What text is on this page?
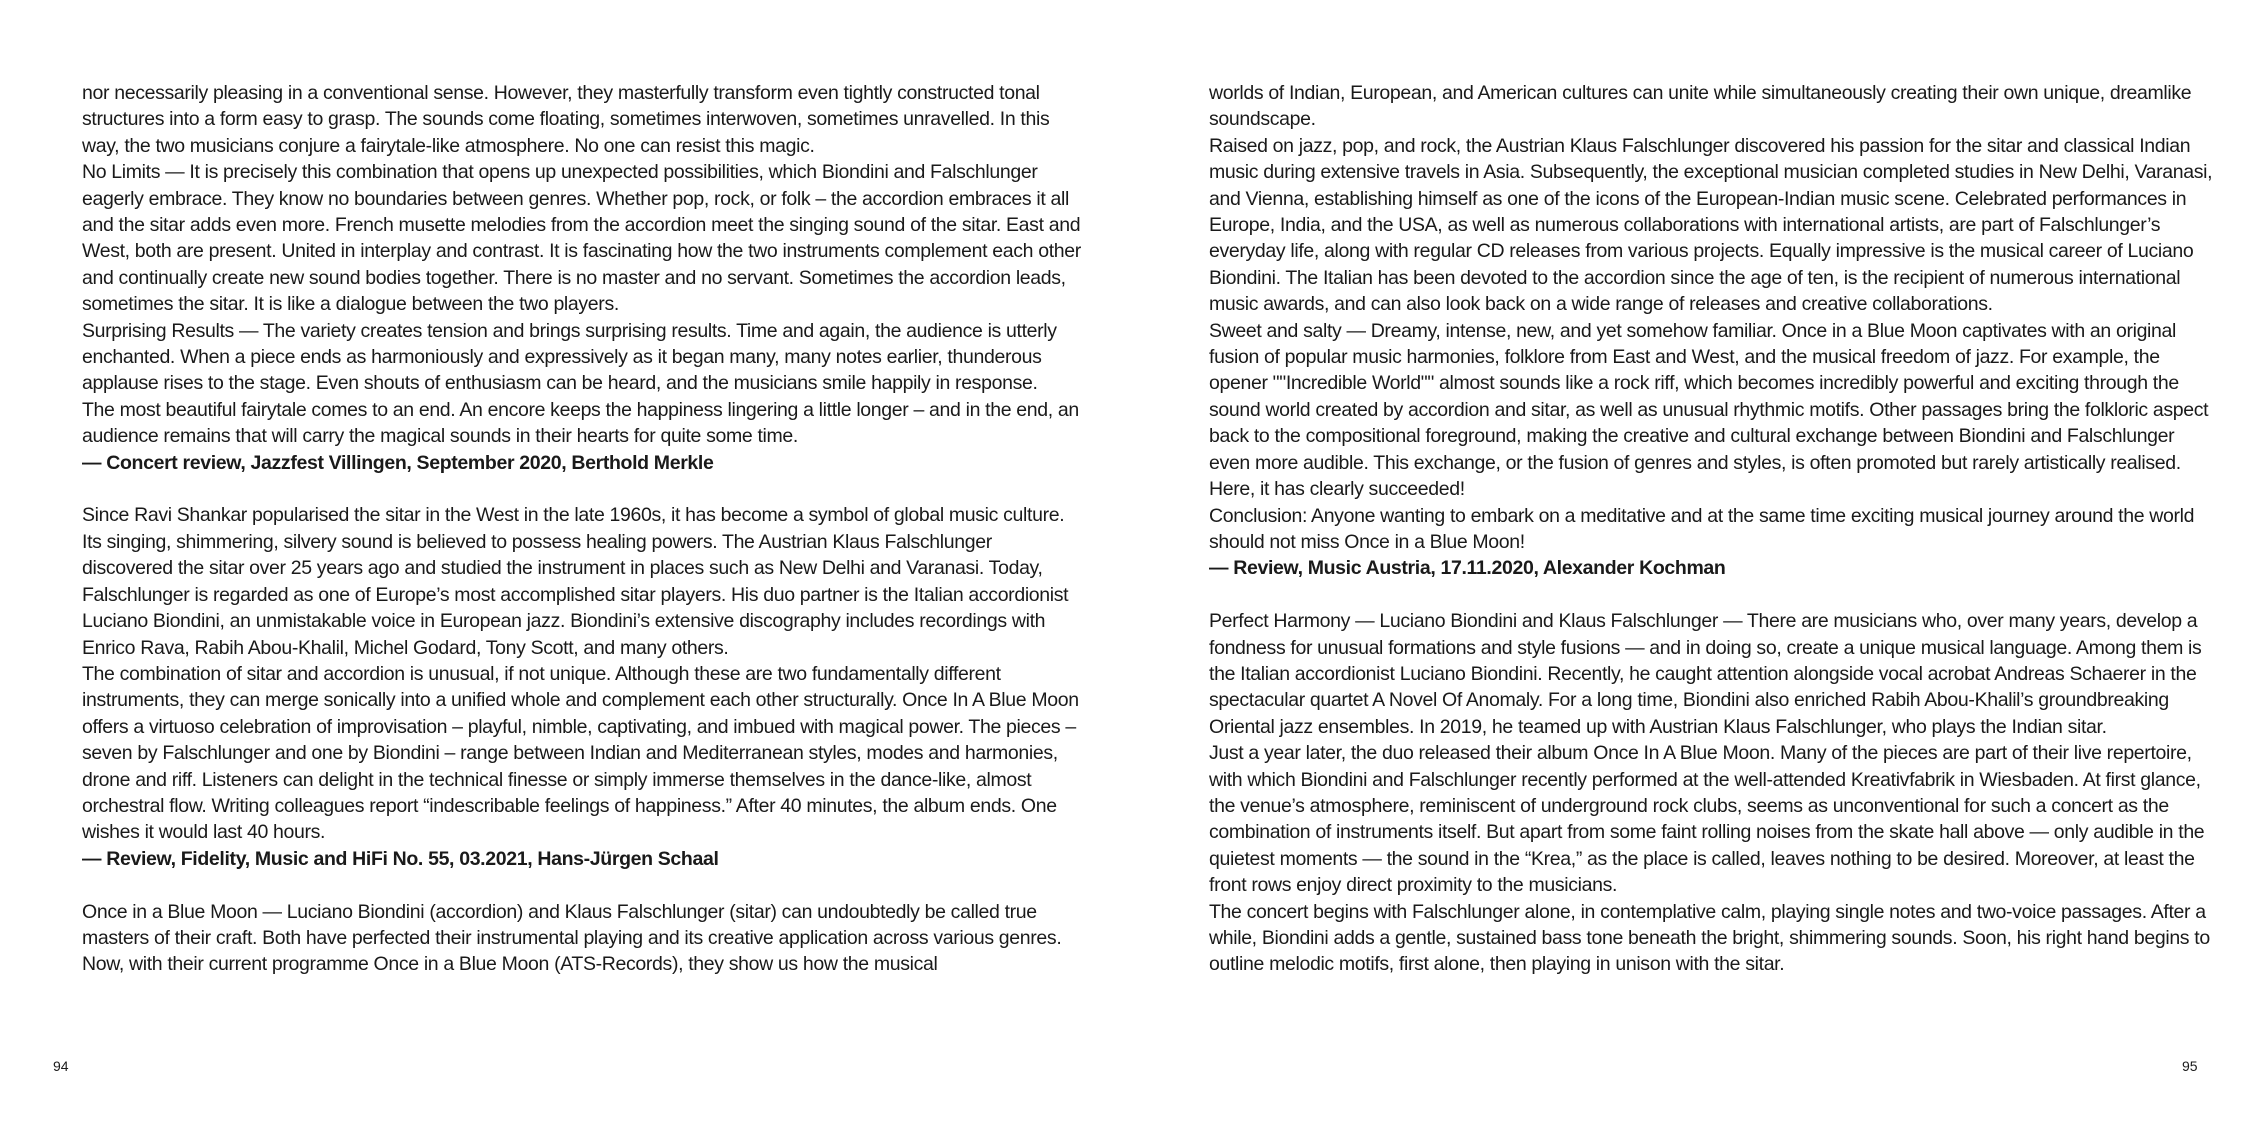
nor necessarily pleasing in a conventional sense. However, they masterfully transform even tightly constructed tonal structures into a form easy to grasp. The sounds come floating, sometimes interwoven, sometimes unravelled. In this way, the two musicians conjure a fairytale-like atmosphere. No one can resist this magic.

No Limits — It is precisely this combination that opens up unexpected possibilities, which Biondini and Falschlunger eagerly embrace. They know no boundaries between genres. Whether pop, rock, or folk – the accordion embraces it all and the sitar adds even more. French musette melodies from the accordion meet the singing sound of the sitar. East and West, both are present. United in interplay and contrast. It is fascinating how the two instruments complement each other and continually create new sound bodies together. There is no master and no servant. Sometimes the accordion leads, sometimes the sitar. It is like a dialogue between the two players.

Surprising Results — The variety creates tension and brings surprising results. Time and again, the audience is utterly enchanted. When a piece ends as harmoniously and expressively as it began many, many notes earlier, thunderous applause rises to the stage. Even shouts of enthusiasm can be heard, and the musicians smile happily in response.

The most beautiful fairytale comes to an end. An encore keeps the happiness lingering a little longer – and in the end, an audience remains that will carry the magical sounds in their hearts for quite some time.

— Concert review, Jazzfest Villingen, September 2020, Berthold Merkle

Since Ravi Shankar popularised the sitar in the West in the late 1960s, it has become a symbol of global music culture. Its singing, shimmering, silvery sound is believed to possess healing powers. The Austrian Klaus Falschlunger discovered the sitar over 25 years ago and studied the instrument in places such as New Delhi and Varanasi. Today, Falschlunger is regarded as one of Europe’s most accomplished sitar players. His duo partner is the Italian accordionist Luciano Biondini, an unmistakable voice in European jazz. Biondini’s extensive discography includes recordings with Enrico Rava, Rabih Abou-Khalil, Michel Godard, Tony Scott, and many others.

The combination of sitar and accordion is unusual, if not unique. Although these are two fundamentally different instruments, they can merge sonically into a unified whole and complement each other structurally. Once In A Blue Moon offers a virtuoso celebration of improvisation – playful, nimble, captivating, and imbued with magical power. The pieces – seven by Falschlunger and one by Biondini – range between Indian and Mediterranean styles, modes and harmonies, drone and riff. Listeners can delight in the technical finesse or simply immerse themselves in the dance-like, almost orchestral flow. Writing colleagues report “indescribable feelings of happiness.” After 40 minutes, the album ends. One wishes it would last 40 hours.

— Review, Fidelity, Music and HiFi No. 55, 03.2021, Hans-Jürgen Schaal

Once in a Blue Moon — Luciano Biondini (accordion) and Klaus Falschlunger (sitar) can undoubtedly be called true masters of their craft. Both have perfected their instrumental playing and its creative application across various genres. Now, with their current programme Once in a Blue Moon (ATS-Records), they show us how the musical

worlds of Indian, European, and American cultures can unite while simultaneously creating their own unique, dreamlike soundscape.

Raised on jazz, pop, and rock, the Austrian Klaus Falschlunger discovered his passion for the sitar and classical Indian music during extensive travels in Asia. Subsequently, the exceptional musician completed studies in New Delhi, Varanasi, and Vienna, establishing himself as one of the icons of the European-Indian music scene. Celebrated performances in Europe, India, and the USA, as well as numerous collaborations with international artists, are part of Falschlunger’s everyday life, along with regular CD releases from various projects. Equally impressive is the musical career of Luciano Biondini. The Italian has been devoted to the accordion since the age of ten, is the recipient of numerous international music awards, and can also look back on a wide range of releases and creative collaborations.

Sweet and salty — Dreamy, intense, new, and yet somehow familiar. Once in a Blue Moon captivates with an original fusion of popular music harmonies, folklore from East and West, and the musical freedom of jazz. For example, the opener ""Incredible World"" almost sounds like a rock riff, which becomes incredibly powerful and exciting through the sound world created by accordion and sitar, as well as unusual rhythmic motifs. Other passages bring the folkloric aspect back to the compositional foreground, making the creative and cultural exchange between Biondini and Falschlunger even more audible. This exchange, or the fusion of genres and styles, is often promoted but rarely artistically realised. Here, it has clearly succeeded!

Conclusion: Anyone wanting to embark on a meditative and at the same time exciting musical journey around the world should not miss Once in a Blue Moon!

— Review, Music Austria, 17.11.2020, Alexander Kochman

Perfect Harmony — Luciano Biondini and Klaus Falschlunger — There are musicians who, over many years, develop a fondness for unusual formations and style fusions — and in doing so, create a unique musical language. Among them is the Italian accordionist Luciano Biondini. Recently, he caught attention alongside vocal acrobat Andreas Schaerer in the spectacular quartet A Novel Of Anomaly. For a long time, Biondini also enriched Rabih Abou-Khalil’s groundbreaking Oriental jazz ensembles. In 2019, he teamed up with Austrian Klaus Falschlunger, who plays the Indian sitar.

Just a year later, the duo released their album Once In A Blue Moon. Many of the pieces are part of their live repertoire, with which Biondini and Falschlunger recently performed at the well-attended Kreativfabrik in Wiesbaden. At first glance, the venue’s atmosphere, reminiscent of underground rock clubs, seems as unconventional for such a concert as the combination of instruments itself. But apart from some faint rolling noises from the skate hall above — only audible in the quietest moments — the sound in the “Krea,” as the place is called, leaves nothing to be desired. Moreover, at least the front rows enjoy direct proximity to the musicians.

The concert begins with Falschlunger alone, in contemplative calm, playing single notes and two-voice passages. After a while, Biondini adds a gentle, sustained bass tone beneath the bright, shimmering sounds. Soon, his right hand begins to outline melodic motifs, first alone, then playing in unison with the sitar.

94	95
